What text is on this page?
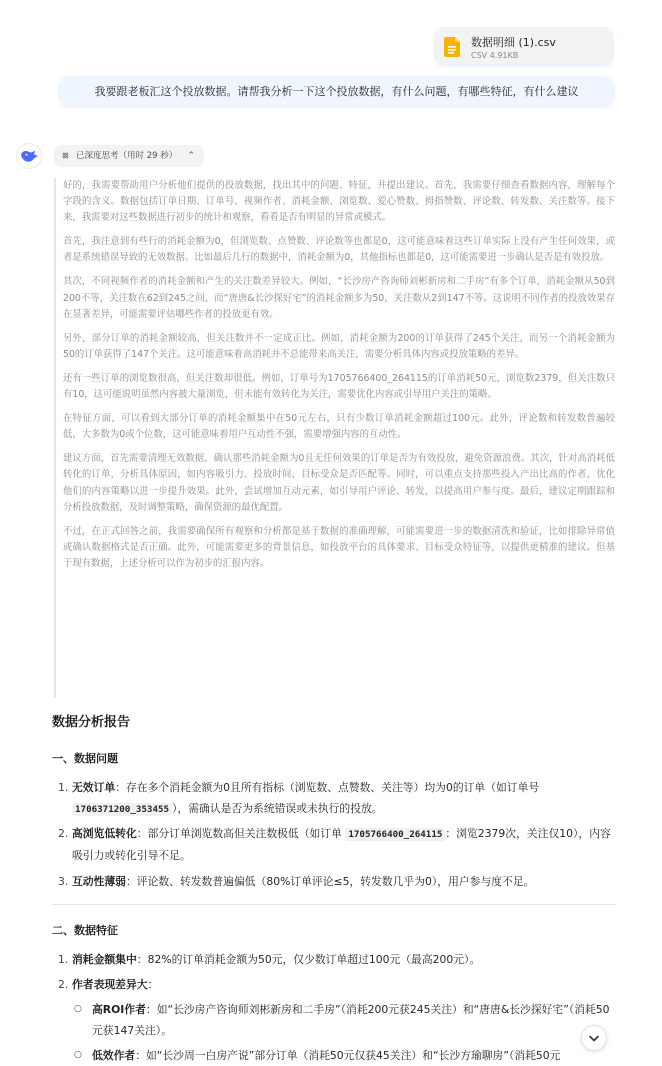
数据明细 (1).csv
CSV 4.91KB
我要跟老板汇这个投放数据。请帮我分析一下这个投放数据，有什么问题，有哪些特征，有什么建议
⊠ 已深度思考（用时 29 秒） ⌃

好的，我需要帮助用户分析他们提供的投放数据，找出其中的问题、特征，并提出建议。首先，我需要仔细查看数据内容，理解每个字段的含义。数据包括订单日期、订单号、视频作者、消耗金额、浏览数、爱心赞数、拇指赞数、评论数、转发数、关注数等。接下来，我需要对这些数据进行初步的统计和观察，看看是否有明显的异常或模式。

首先，我注意到有些行的消耗金额为0，但浏览数、点赞数、评论数等也都是0，这可能意味着这些订单实际上没有产生任何效果，或者是系统错误导致的无效数据。比如最后几行的数据中，消耗金额为0，其他指标也都是0，这可能需要进一步确认是否是有效投放。

其次，不同视频作者的消耗金额和产生的关注数差异较大。例如，“长沙房产咨询师刘彬新房和二手房”有多个订单，消耗金额从50到200不等，关注数在62到245之间，而“唐唐&长沙探好宅”的消耗金额多为50，关注数从2到147不等。这说明不同作者的投放效果存在显著差异，可能需要评估哪些作者的投放更有效。

另外，部分订单的消耗金额较高，但关注数并不一定成正比。例如，消耗金额为200的订单获得了245个关注，而另一个消耗金额为50的订单获得了147个关注。这可能意味着高消耗并不总能带来高关注，需要分析具体内容或投放策略的差异。

还有一些订单的浏览数很高，但关注数却很低。例如，订单号为1705766400_264115的订单消耗50元，浏览数2379，但关注数只有10，这可能说明虽然内容被大量浏览，但未能有效转化为关注，需要优化内容或引导用户关注的策略。

在特征方面，可以看到大部分订单的消耗金额集中在50元左右，只有少数订单消耗金额超过100元。此外，评论数和转发数普遍较低，大多数为0或个位数，这可能意味着用户互动性不强，需要增强内容的互动性。

建议方面，首先需要清理无效数据，确认那些消耗金额为0且无任何效果的订单是否为有效投放，避免资源浪费。其次，针对高消耗低转化的订单，分析具体原因，如内容吸引力、投放时间、目标受众是否匹配等。同时，可以重点支持那些投入产出比高的作者，优化他们的内容策略以进一步提升效果。此外，尝试增加互动元素，如引导用户评论、转发，以提高用户参与度。最后，建议定期跟踪和分析投放数据，及时调整策略，确保资源的最优配置。

不过，在正式回答之前，我需要确保所有观察和分析都是基于数据的准确理解，可能需要进一步的数据清洗和验证，比如排除异常值或确认数据格式是否正确。此外，可能需要更多的背景信息，如投放平台的具体要求、目标受众特征等，以提供更精准的建议。但基于现有数据，上述分析可以作为初步的汇报内容。

数据分析报告
一、数据问题
1. 无效订单：存在多个消耗金额为0且所有指标（浏览数、点赞数、关注等）均为0的订单（如订单号
1706371200_353455 ），需确认是否为系统错误或未执行的投放。
2. 高浏览低转化：部分订单浏览数高但关注数极低（如订单 1705766400_264115 ：浏览2379次，关注仅10），内容吸引力或转化引导不足。
3. 互动性薄弱：评论数、转发数普遍偏低（80%订单评论≤5，转发数几乎为0），用户参与度不足。
二、数据特征
1. 消耗金额集中：82%的订单消耗金额为50元，仅少数订单超过100元（最高200元）。
2. 作者表现差异大：
○ 高ROI作者：如“长沙房产咨询师刘彬新房和二手房”（消耗200元获245关注）和“唐唐&长沙探好宅”（消耗50元获147关注）。
○ 低效作者：如“长沙周一白房产说”部分订单（消耗50元仅获45关注）和“长沙方瑜聊房”（消耗50元
